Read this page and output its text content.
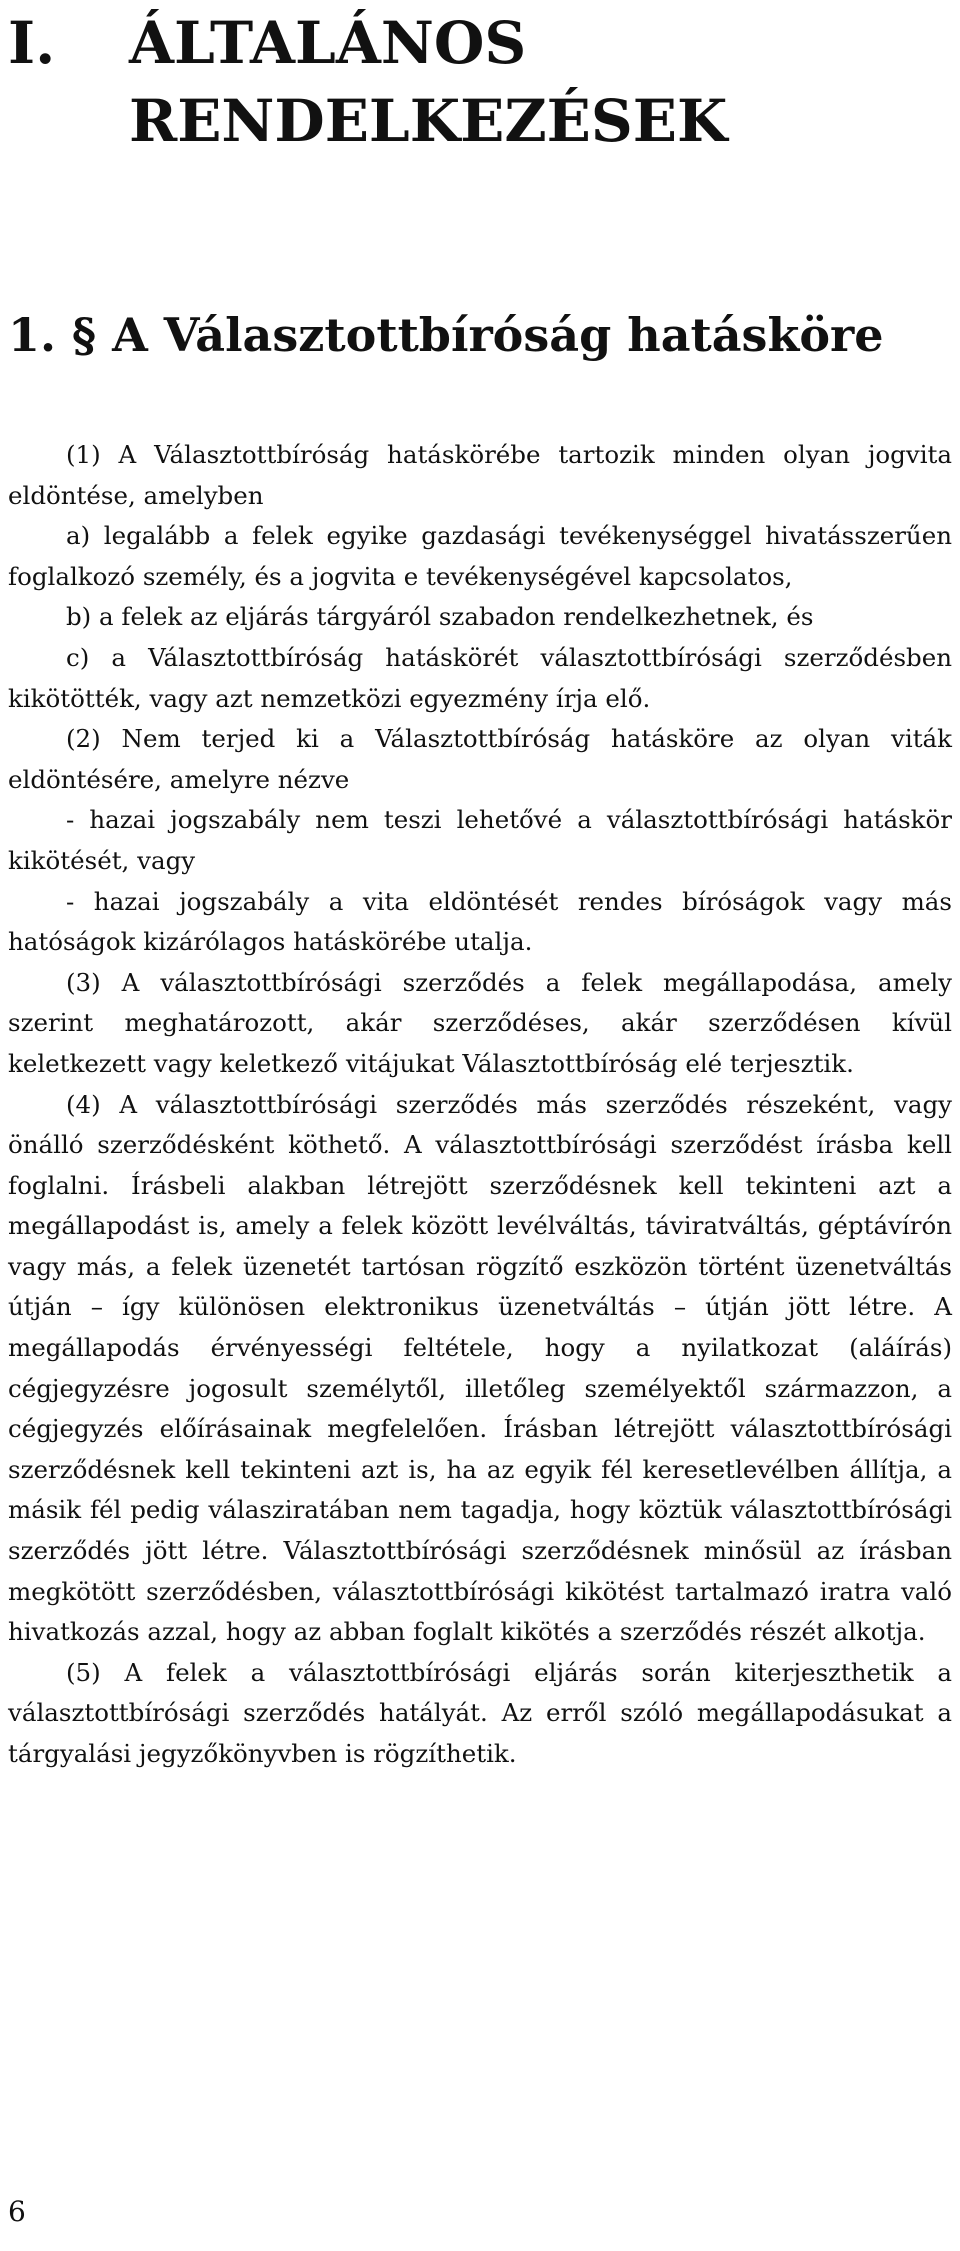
I. ÁLTALÁNOS RENDELKEZÉSEK
1. § A Választottbíróság hatásköre

(1) A Választottbíróság hatáskörébe tartozik minden olyan jogvita eldöntése, amelyben

a) legalább a felek egyike gazdasági tevékenységgel hivatásszerűen foglalkozó személy, és a jogvita e tevékenységével kapcsolatos,

b) a felek az eljárás tárgyáról szabadon rendelkezhetnek, és

c) a Választottbíróság hatáskörét választottbírósági szerződésben kikötötték, vagy azt nemzetközi egyezmény írja elő.

(2) Nem terjed ki a Választottbíróság hatásköre az olyan viták eldöntésére, amelyre nézve

- hazai jogszabály nem teszi lehetővé a választottbírósági hatáskör kikötését, vagy

- hazai jogszabály a vita eldöntését rendes bíróságok vagy más hatóságok kizárólagos hatáskörébe utalja.

(3) A választottbírósági szerződés a felek megállapodása, amely szerint meghatározott, akár szerződéses, akár szerződésen kívül keletkezett vagy keletkező vitájukat Választottbíróság elé terjesztik.

(4) A választottbírósági szerződés más szerződés részeként, vagy önálló szerződésként köthető. A választottbírósági szerződést írásba kell foglalni. Írásbeli alakban létrejött szerződésnek kell tekinteni azt a megállapodást is, amely a felek között levélváltás, táviratváltás, géptávírón vagy más, a felek üzenetét tartósan rögzítő eszközön történt üzenetváltás útján – így különösen elektronikus üzenetváltás – útján jött létre. A megállapodás érvényességi feltétele, hogy a nyilatkozat (aláírás) cégjegyzésre jogosult személytől, illetőleg személyektől származzon, a cégjegyzés előírásainak megfelelően. Írásban létrejött választottbírósági szerződésnek kell tekinteni azt is, ha az egyik fél keresetlevélben állítja, a másik fél pedig válasziratában nem tagadja, hogy köztük választottbírósági szerződés jött létre. Választottbírósági szerződésnek minősül az írásban megkötött szerződésben, választottbírósági kikötést tartalmazó iratra való hivatkozás azzal, hogy az abban foglalt kikötés a szerződés részét alkotja.

(5) A felek a választottbírósági eljárás során kiterjeszthetik a választottbírósági szerződés hatályát. Az erről szóló megállapodásukat a tárgyalási jegyzőkönyvben is rögzíthetik.

6
